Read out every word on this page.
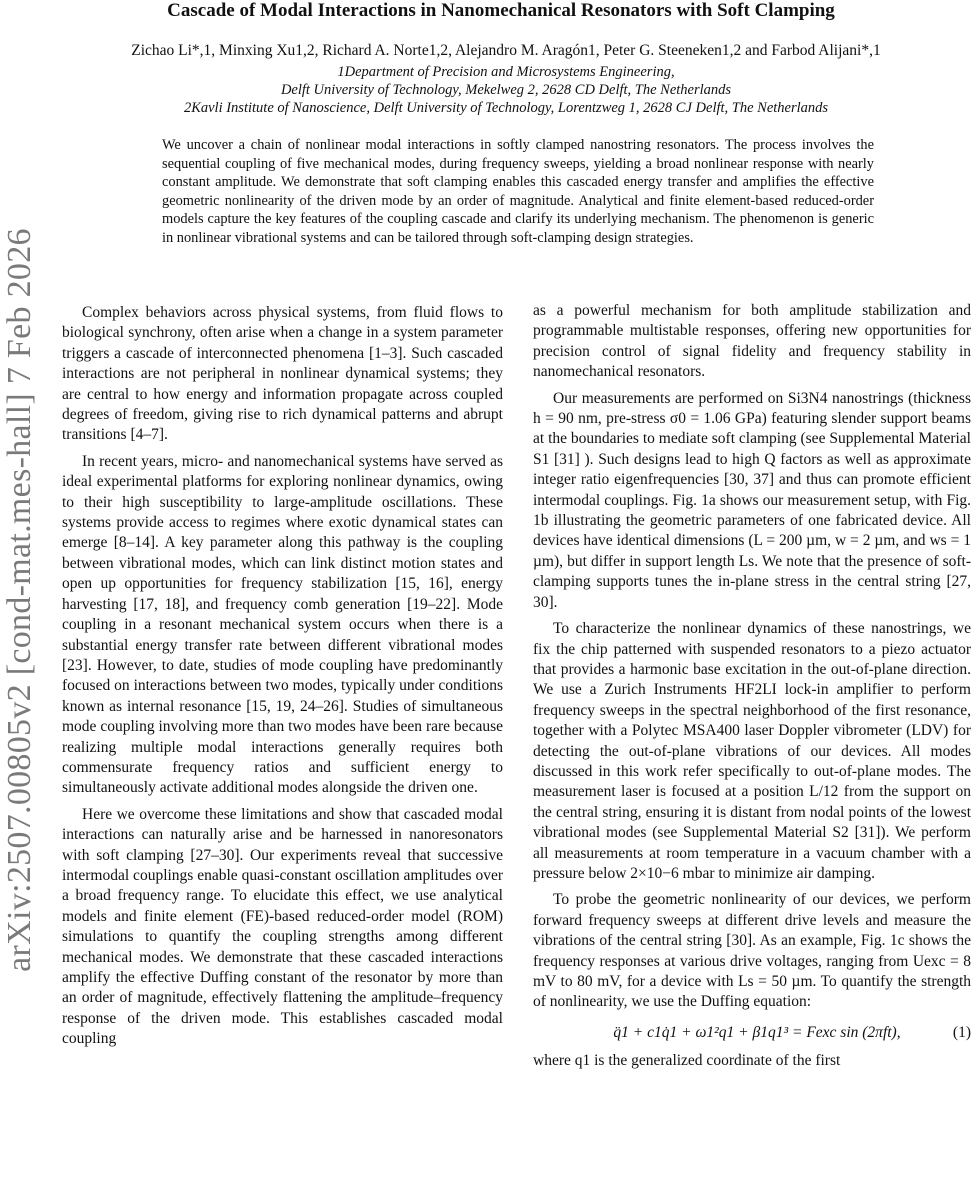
arXiv:2507.00805v2 [cond-mat.mes-hall] 7 Feb 2026
Cascade of Modal Interactions in Nanomechanical Resonators with Soft Clamping
Zichao Li*,1, Minxing Xu1,2, Richard A. Norte1,2, Alejandro M. Aragón1, Peter G. Steeneken1,2 and Farbod Alijani*,1
1Department of Precision and Microsystems Engineering,
Delft University of Technology, Mekelweg 2, 2628 CD Delft, The Netherlands
2Kavli Institute of Nanoscience, Delft University of Technology, Lorentzweg 1, 2628 CJ Delft, The Netherlands
We uncover a chain of nonlinear modal interactions in softly clamped nanostring resonators. The process involves the sequential coupling of five mechanical modes, during frequency sweeps, yielding a broad nonlinear response with nearly constant amplitude. We demonstrate that soft clamping enables this cascaded energy transfer and amplifies the effective geometric nonlinearity of the driven mode by an order of magnitude. Analytical and finite element-based reduced-order models capture the key features of the coupling cascade and clarify its underlying mechanism. The phenomenon is generic in nonlinear vibrational systems and can be tailored through soft-clamping design strategies.

Complex behaviors across physical systems, from fluid flows to biological synchrony, often arise when a change in a system parameter triggers a cascade of interconnected phenomena [1–3]. Such cascaded interactions are not peripheral in nonlinear dynamical systems; they are central to how energy and information propagate across coupled degrees of freedom, giving rise to rich dynamical patterns and abrupt transitions [4–7].

In recent years, micro- and nanomechanical systems have served as ideal experimental platforms for exploring nonlinear dynamics, owing to their high susceptibility to large-amplitude oscillations. These systems provide access to regimes where exotic dynamical states can emerge [8–14]. A key parameter along this pathway is the coupling between vibrational modes, which can link distinct motion states and open up opportunities for frequency stabilization [15, 16], energy harvesting [17, 18], and frequency comb generation [19–22]. Mode coupling in a resonant mechanical system occurs when there is a substantial energy transfer rate between different vibrational modes [23]. However, to date, studies of mode coupling have predominantly focused on interactions between two modes, typically under conditions known as internal resonance [15, 19, 24–26]. Studies of simultaneous mode coupling involving more than two modes have been rare because realizing multiple modal interactions generally requires both commensurate frequency ratios and sufficient energy to simultaneously activate additional modes alongside the driven one.

Here we overcome these limitations and show that cascaded modal interactions can naturally arise and be harnessed in nanoresonators with soft clamping [27–30]. Our experiments reveal that successive intermodal couplings enable quasi-constant oscillation amplitudes over a broad frequency range. To elucidate this effect, we use analytical models and finite element (FE)-based reduced-order model (ROM) simulations to quantify the coupling strengths among different mechanical modes. We demonstrate that these cascaded interactions amplify the effective Duffing constant of the resonator by more than an order of magnitude, effectively flattening the amplitude–frequency response of the driven mode. This establishes cascaded modal coupling

as a powerful mechanism for both amplitude stabilization and programmable multistable responses, offering new opportunities for precision control of signal fidelity and frequency stability in nanomechanical resonators.

Our measurements are performed on Si3N4 nanostrings (thickness h = 90 nm, pre-stress σ0 = 1.06 GPa) featuring slender support beams at the boundaries to mediate soft clamping (see Supplemental Material S1 [31] ). Such designs lead to high Q factors as well as approximate integer ratio eigenfrequencies [30, 37] and thus can promote efficient intermodal couplings. Fig. 1a shows our measurement setup, with Fig. 1b illustrating the geometric parameters of one fabricated device. All devices have identical dimensions (L = 200 µm, w = 2 µm, and ws = 1 µm), but differ in support length Ls. We note that the presence of soft-clamping supports tunes the in-plane stress in the central string [27, 30].

To characterize the nonlinear dynamics of these nanostrings, we fix the chip patterned with suspended resonators to a piezo actuator that provides a harmonic base excitation in the out-of-plane direction. We use a Zurich Instruments HF2LI lock-in amplifier to perform frequency sweeps in the spectral neighborhood of the first resonance, together with a Polytec MSA400 laser Doppler vibrometer (LDV) for detecting the out-of-plane vibrations of our devices. All modes discussed in this work refer specifically to out-of-plane modes. The measurement laser is focused at a position L/12 from the support on the central string, ensuring it is distant from nodal points of the lowest vibrational modes (see Supplemental Material S2 [31]). We perform all measurements at room temperature in a vacuum chamber with a pressure below 2×10−6 mbar to minimize air damping.

To probe the geometric nonlinearity of our devices, we perform forward frequency sweeps at different drive levels and measure the vibrations of the central string [30]. As an example, Fig. 1c shows the frequency responses at various drive voltages, ranging from Uexc = 8 mV to 80 mV, for a device with Ls = 50 µm. To quantify the strength of nonlinearity, we use the Duffing equation:

q̈1 + c1q̇1 + ω1²q1 + β1q1³ = Fexc sin (2πft),	(1)

where q1 is the generalized coordinate of the first
